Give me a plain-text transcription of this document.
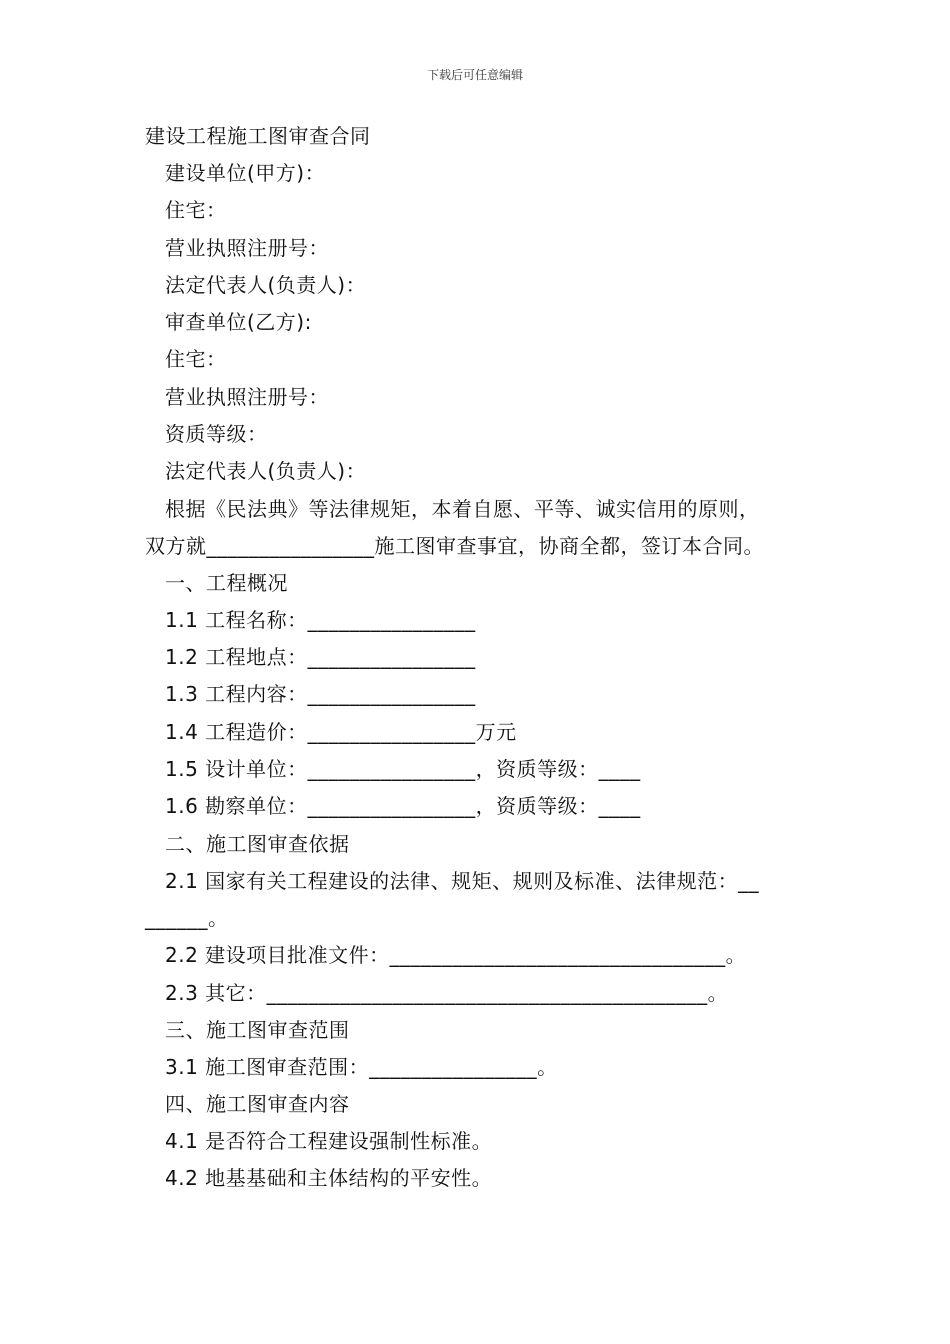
下载后可任意编辑
建设工程施工图审查合同
建设单位(甲方)：
住宅：
营业执照注册号：
法定代表人(负责人)：
审查单位(乙方):
住宅：
营业执照注册号：
资质等级：
法定代表人(负责人)：
根据《民法典》等法律规矩，本着自愿、平等、诚实信用的原则，
双方就________________施工图审查事宜，协商全都，签订本合同。
一、工程概况
1.1 工程名称：________________
1.2 工程地点：________________
1.3 工程内容：________________
1.4 工程造价：________________万元
1.5 设计单位：________________，资质等级：____
1.6 勘察单位：________________，资质等级：____
二、施工图审查依据
2.1 国家有关工程建设的法律、规矩、规则及标准、法律规范：__
______。
2.2 建设项目批准文件：________________________________。
2.3 其它：__________________________________________。
三、施工图审查范围
3.1 施工图审查范围：________________。
四、施工图审查内容
4.1 是否符合工程建设强制性标准。
4.2 地基基础和主体结构的平安性。
